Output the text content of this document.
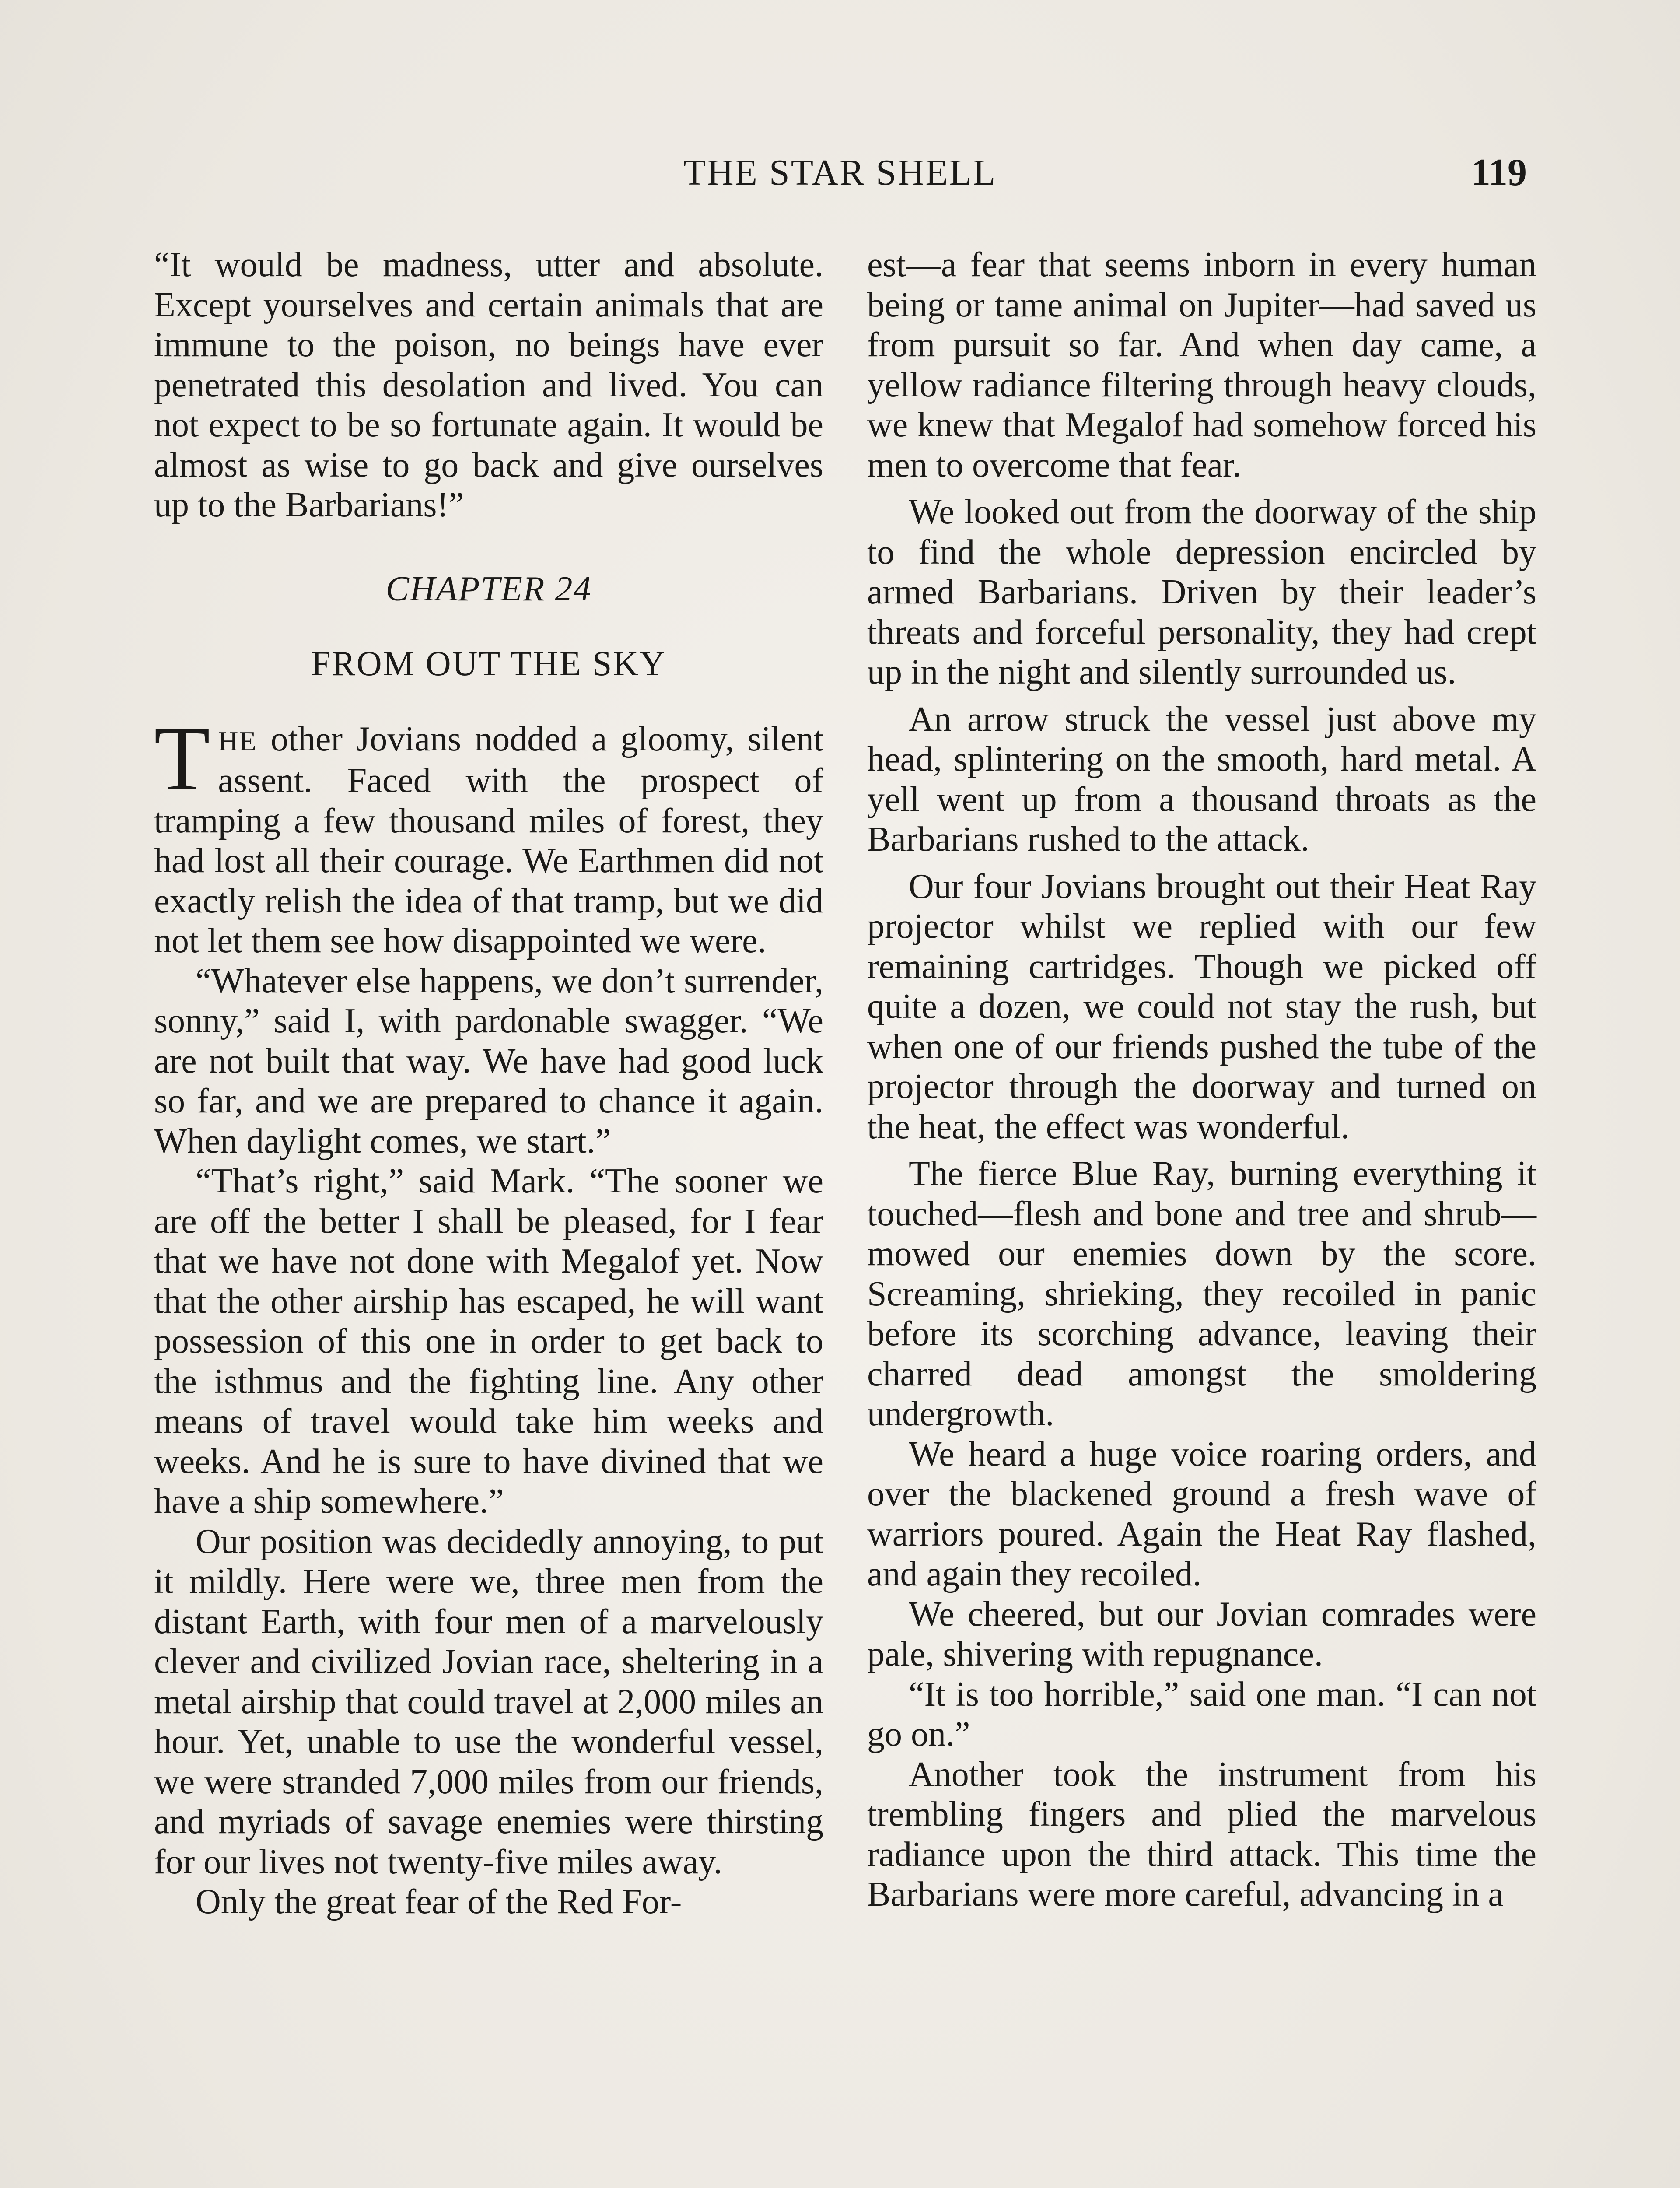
THE STAR SHELL	119

“It would be madness, utter and absolute. Except yourselves and certain animals that are immune to the poison, no beings have ever penetrated this desolation and lived. You can not expect to be so fortunate again. It would be almost as wise to go back and give ourselves up to the Barbarians!”

CHAPTER 24

FROM OUT THE SKY

THE other Jovians nodded a gloomy, silent assent. Faced with the prospect of tramping a few thousand miles of forest, they had lost all their courage. We Earthmen did not exactly relish the idea of that tramp, but we did not let them see how disappointed we were.

“Whatever else happens, we don’t surrender, sonny,” said I, with pardonable swagger. “We are not built that way. We have had good luck so far, and we are prepared to chance it again. When daylight comes, we start.”

“That’s right,” said Mark. “The sooner we are off the better I shall be pleased, for I fear that we have not done with Megalof yet. Now that the other airship has escaped, he will want possession of this one in order to get back to the isthmus and the fighting line. Any other means of travel would take him weeks and weeks. And he is sure to have divined that we have a ship somewhere.”

Our position was decidedly annoying, to put it mildly. Here were we, three men from the distant Earth, with four men of a marvelously clever and civilized Jovian race, sheltering in a metal airship that could travel at 2,000 miles an hour. Yet, unable to use the wonderful vessel, we were stranded 7,000 miles from our friends, and myriads of savage enemies were thirsting for our lives not twenty-five miles away.

Only the great fear of the Red For-

est—a fear that seems inborn in every human being or tame animal on Jupiter—had saved us from pursuit so far. And when day came, a yellow radiance filtering through heavy clouds, we knew that Megalof had somehow forced his men to overcome that fear.

We looked out from the doorway of the ship to find the whole depression encircled by armed Barbarians. Driven by their leader’s threats and forceful personality, they had crept up in the night and silently surrounded us.

An arrow struck the vessel just above my head, splintering on the smooth, hard metal. A yell went up from a thousand throats as the Barbarians rushed to the attack.

Our four Jovians brought out their Heat Ray projector whilst we replied with our few remaining cartridges. Though we picked off quite a dozen, we could not stay the rush, but when one of our friends pushed the tube of the projector through the doorway and turned on the heat, the effect was wonderful.

The fierce Blue Ray, burning everything it touched—flesh and bone and tree and shrub—mowed our enemies down by the score. Screaming, shrieking, they recoiled in panic before its scorching advance, leaving their charred dead amongst the smoldering undergrowth.

We heard a huge voice roaring orders, and over the blackened ground a fresh wave of warriors poured. Again the Heat Ray flashed, and again they recoiled.

We cheered, but our Jovian comrades were pale, shivering with repugnance.

“It is too horrible,” said one man. “I can not go on.”

Another took the instrument from his trembling fingers and plied the marvelous radiance upon the third attack. This time the Barbarians were more careful, advancing in a
